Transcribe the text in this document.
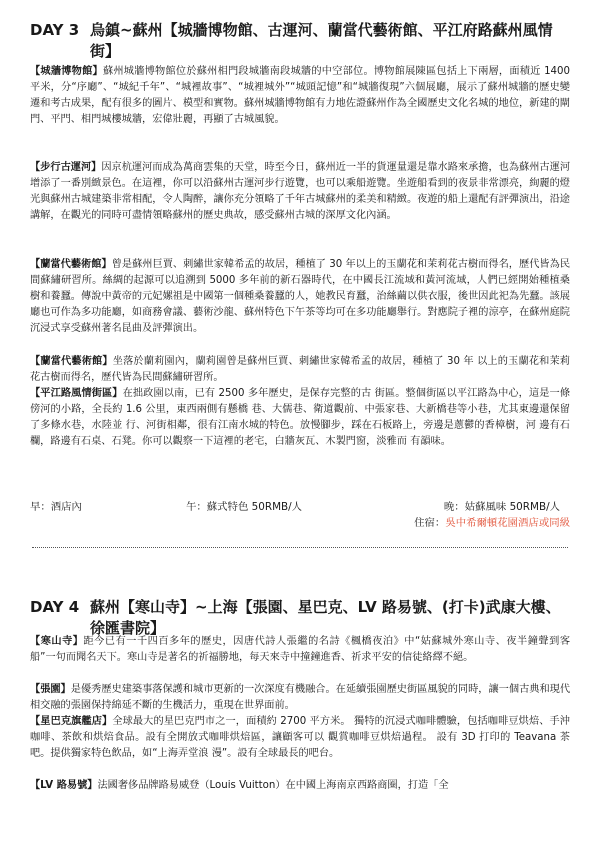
DAY 3 烏鎮~蘇州【城牆博物館、古運河、蘭當代藝術館、平江府路蘇州風情街】

【城牆博物館】蘇州城牆博物館位於蘇州相門段城牆南段城牆的中空部位。博物館展陳區包括上下兩層，面積近 1400 平米，分“序廳”、“城紀千年”、“城裡故事”、“城裡城外”“城頭記憶”和“城牆復現”六個展廳，展示了蘇州城牆的歷史變遷和考古成果，配有很多的圖片、模型和實物。蘇州城牆博物館有力地佐證蘇州作為全國歷史文化名城的地位，新建的閘門、平門、相門城樓城牆，宏偉壯麗，再顯了古城風貌。

【步行古運河】因京杭運河而成為萬商雲集的天堂，時至今日，蘇州近一半的貨運量還是靠水路來承擔，也為蘇州古運河增添了一番別緻景色。在這裡，你可以沿蘇州古運河步行遊覽，也可以乘船遊覽。坐遊船看到的夜景非常漂亮，絢麗的燈光與蘇州古城建築非常相配，令人陶醉，讓你充分領略了千年古城蘇州的柔美和精緻。夜遊的船上還配有評彈演出，沿途講解，在觀光的同時可盡情領略蘇州的歷史典故，感受蘇州古城的深厚文化內涵。

【蘭當代藝術館】曾是蘇州巨賈、刺繡世家韓希孟的故居，種植了 30 年以上的玉蘭花和茉莉花古樹而得名，歷代皆為民間蘇繡研習所。絲綢的起源可以追溯到 5000 多年前的新石器時代，在中國長江流域和黃河流域，人們已經開始種植桑樹和養蠶。傳說中黃帝的元妃嫘祖是中國第一個種桑養蠶的人，她教民育蠶，治絲繭以供衣服，後世因此祀為先蠶。該展廳也可作為多功能廳，如商務會議、藝術沙龍、蘇州特色下午茶等均可在多功能廳舉行。對應院子裡的涼亭，在蘇州庭院沉浸式享受蘇州著名昆曲及評彈演出。

【蘭當代藝術館】坐落於蘭莉園內，蘭莉園曾是蘇州巨賈、刺繡世家韓希孟的故居，種植了 30 年 以上的玉蘭花和茉莉花古樹而得名，歷代皆為民間蘇繡研習所。

【平江路風情街區】在拙政園以南，已有 2500 多年歷史，是保存完整的古 街區。整個街區以平江路為中心，這是一條傍河的小路，全長約 1.6 公里，東西兩側有懸橋 巷、大儒巷、衛道觀前、中張家巷、大新橋巷等小巷，尤其東邊還保留了多條水巷，水陸並 行、河街相鄰，很有江南水城的特色。放慢腳步，踩在石板路上，旁邊是蔥鬱的香樟樹，河 邊有石欄，路邊有石桌、石凳。你可以觀察一下這裡的老宅，白牆灰瓦、木製門窗，淡雅而 有韻味。

早：酒店內	午：蘇式特色 50RMB/人	晚：姑蘇風味 50RMB/人
住宿：吳中希爾頓花園酒店或同級
DAY 4 蘇州【寒山寺】~上海【張園、星巴克、LV 路易號、(打卡)武康大樓、徐匯書院】

【寒山寺】距今已有一千四百多年的歷史，因唐代詩人張繼的名詩《楓橋夜泊》中“姑蘇城外寒山寺、夜半鐘聲到客船”一句而聞名天下。寒山寺是著名的祈福勝地，每天來寺中撞鐘進香、祈求平安的信徒絡繹不絕。

【張園】是優秀歷史建築事落保護和城市更新的一次深度有機融合。在延續張園歷史街區風貌的同時，讓一個古典和現代相交融的張園保持綿延不斷的生機活力，重現在世界面前。

【星巴克旗艦店】全球最大的星巴克門市之一，面積約 2700 平方米。 獨特的沉浸式咖啡體驗，包括咖啡豆烘焙、手沖咖啡、茶飲和烘焙食品。設有全開放式咖啡烘焙區，讓顧客可以 觀賞咖啡豆烘焙過程。 設有 3D 打印的 Teavana 茶吧。提供獨家特色飲品，如“上海弄堂浪 漫”。設有全球最長的吧台。

【LV 路易號】法國奢侈品牌路易威登（Louis Vuitton）在中國上海南京西路商圈，打造「全
